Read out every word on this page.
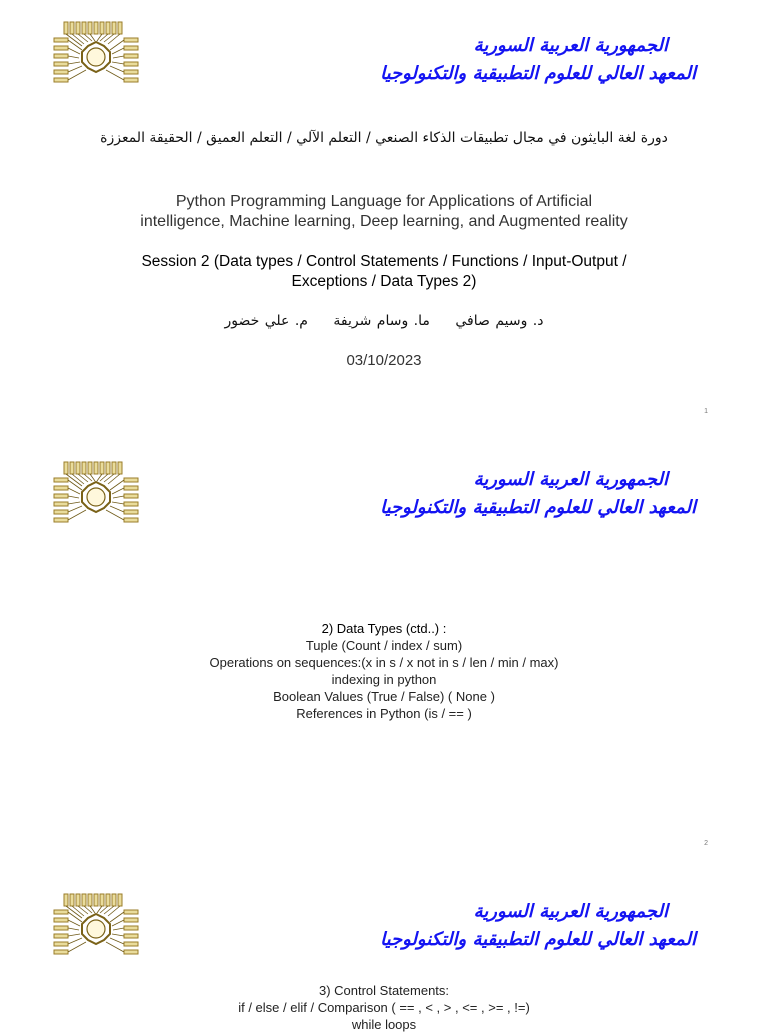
الجمهورية العربية السورية
المعهد العالي للعلوم التطبيقية والتكنولوجيا
دورة لغة البايثون في مجال تطبيقات الذكاء الصنعي / التعلم الآلي / التعلم العميق / الحقيقة المعززة
Python Programming Language for Applications of Artificial
intelligence, Machine learning, Deep learning, and Augmented reality
Session 2 (Data types / Control Statements / Functions / Input-Output /
Exceptions / Data Types 2)
د. وسيم صافي ما. وسام شريفة م. علي خضور
03/10/2023
1
الجمهورية العربية السورية
المعهد العالي للعلوم التطبيقية والتكنولوجيا
2) Data Types (ctd..) :
Tuple (Count / index / sum)
Operations on sequences:(x in s / x not in s / len / min / max)
indexing in python
Boolean Values (True / False) ( None )
References in Python (is / == )
2
الجمهورية العربية السورية
المعهد العالي للعلوم التطبيقية والتكنولوجيا
3) Control Statements:
if / else / elif / Comparison ( == , < , > , <= , >= , !=)
while loops
